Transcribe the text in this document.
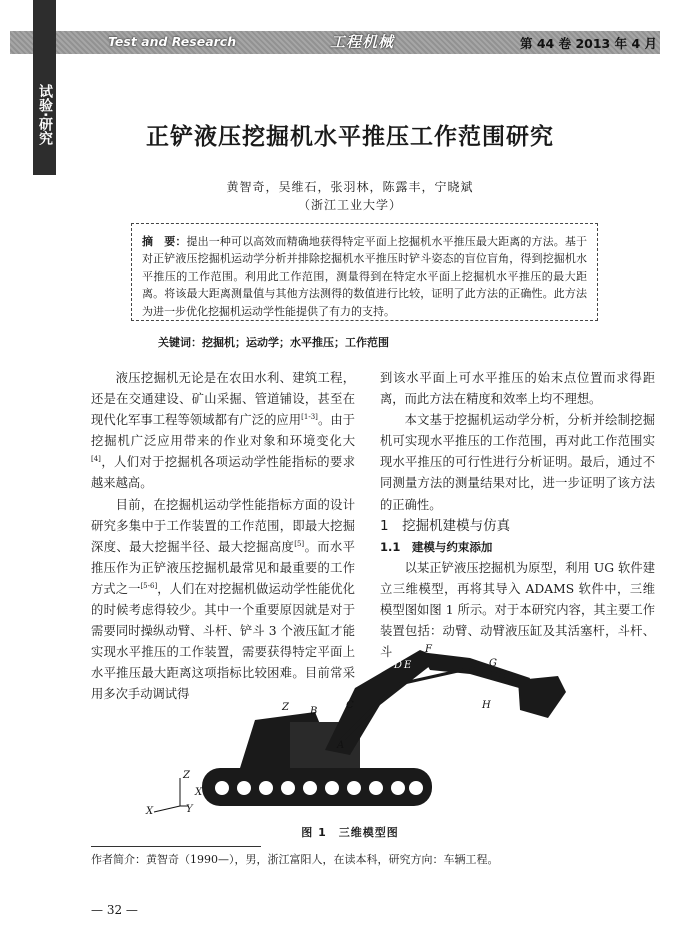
Test and Research	工程机械	第 44 卷 2013 年 4 月
试验·研究	正铲液压挖掘机水平推压工作范围研究
黄智奇，吴维石，张羽林，陈露丰，宁晓斌
（浙江工业大学）
摘　要：提出一种可以高效而精确地获得特定平面上挖掘机水平推压最大距离的方法。基于对正铲液压挖掘机运动学分析并排除挖掘机水平推压时铲斗姿态的盲位盲角，得到挖掘机水平推压的工作范围。利用此工作范围，测量得到在特定水平面上挖掘机水平推压的最大距离。将该最大距离测量值与其他方法测得的数值进行比较，证明了此方法的正确性。此方法为进一步优化挖掘机运动学性能提供了有力的支持。
关键词：挖掘机；运动学；水平推压；工作范围

液压挖掘机无论是在农田水利、建筑工程，还是在交通建设、矿山采掘、管道铺设，甚至在现代化军事工程等领域都有广泛的应用[1-3]。由于挖掘机广泛应用带来的作业对象和环境变化大[4]，人们对于挖掘机各项运动学性能指标的要求越来越高。

目前，在挖掘机运动学性能指标方面的设计研究多集中于工作装置的工作范围，即最大挖掘深度、最大挖掘半径、最大挖掘高度[5]。而水平推压作为正铲液压挖掘机最常见和最重要的工作方式之一[5-6]，人们在对挖掘机做运动学性能优化的时候考虑得较少。其中一个重要原因就是对于需要同时操纵动臂、斗杆、铲斗 3 个液压缸才能实现水平推压的工作装置，需要获得特定平面上水平推压最大距离这项指标比较困难。目前常采用多次手动调试得

到该水平面上可水平推压的始末点位置而求得距离，而此方法在精度和效率上均不理想。

本文基于挖掘机运动学分析，分析并绘制挖掘机可实现水平推压的工作范围，再对此工作范围实现水平推压的可行性进行分析证明。最后，通过不同测量方法的测量结果对比，进一步证明了该方法的正确性。

1　挖掘机建模与仿真

1.1　建模与约束添加

以某正铲液压挖掘机为原型，利用 UG 软件建立三维模型，再将其导入 ADAMS 软件中，三维模型图如图 1 所示。对于本研究内容，其主要工作装置包括：动臂、动臂液压缸及其活塞杆，斗杆、斗	F
G
H
D E
B
C
Z
A
Z
X
X	Y
图 1　三维模型图
作者简介：黄智奇（1990—），男，浙江富阳人，在读本科，研究方向：车辆工程。
— 32 —
